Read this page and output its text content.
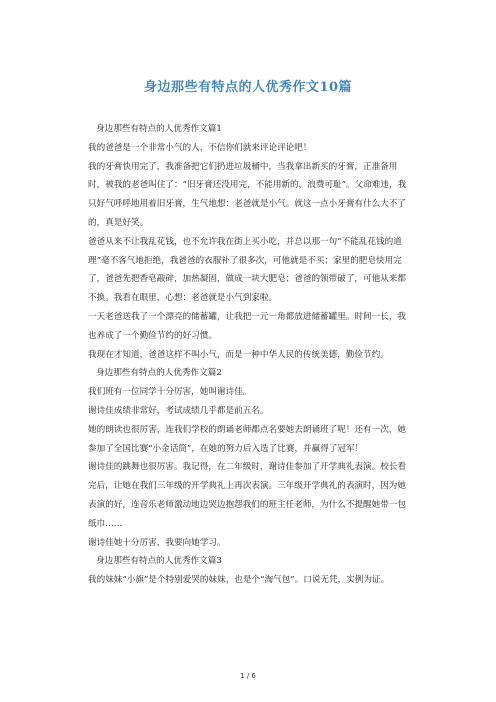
身边那些有特点的人优秀作文10篇

身边那些有特点的人优秀作文篇1

我的爸爸是一个非常小气的人，不信你们就来评论评论吧！

我的牙膏快用完了，我准备把它们扔进垃圾桶中，当我拿出新买的牙膏，正准备用时，被我的老爸叫住了：“旧牙膏还没用完，不能用新的，浪费可耻”。父命难违，我只好气呼呼地用着旧牙膏，生气地想：老爸就是小气。就这一点小牙膏有什么大不了的，真是好笑。

爸爸从来不让我乱花钱，也不允许我在街上买小吃，并总以那一句“不能乱花钱的道理”毫不客气地拒绝，我爸爸的衣服补了很多次，可他就是不买；家里的肥皂快用完了，爸爸先把香皂敲碎，加热凝固，做成一块大肥皂；爸爸的领带破了，可他从来都不换。我看在眼里，心想：老爸就是小气到家啦。

一天老爸送我了一个漂亮的储蓄罐，让我把一元一角都放进储蓄罐里。时间一长，我也养成了一个勤俭节约的好习惯。

我现在才知道，爸爸这样不叫小气，而是一种中华人民的传统美德，勤俭节约。

身边那些有特点的人优秀作文篇2

我们班有一位同学十分厉害，她叫谢诗佳。

谢诗佳成绩非常好，考试成绩几乎都是前五名。

她的朗读也很厉害，连我们学校的朗诵老师都点名要她去朗诵班了呢！还有一次，她参加了全国比赛“小金话筒”，在她的努力后入选了比赛，并赢得了冠军！

谢诗佳的跳舞也很厉害。我记得，在二年级时，谢诗佳参加了开学典礼表演。校长看完后，让她在我们三年级的开学典礼上再次表演。三年级开学典礼的表演时，因为她表演的好，连音乐老师激动地边哭边抱怨我们的班主任老师，为什么不提醒她带一包纸巾……

谢诗佳她十分厉害，我要向她学习。

身边那些有特点的人优秀作文篇3

我的妹妹“小旗”是个特别爱哭的妹妹，也是个“淘气包”。口说无凭，实例为证。

1 / 6
